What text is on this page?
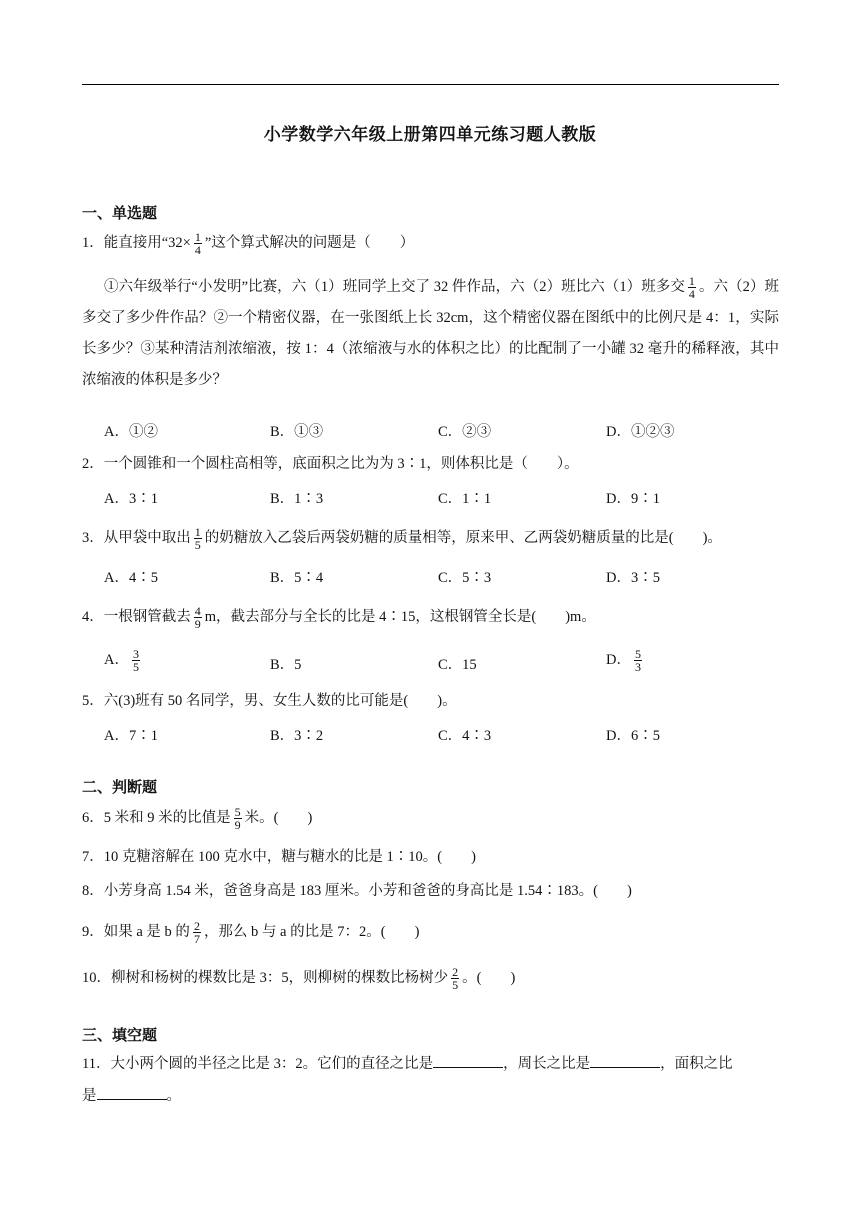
小学数学六年级上册第四单元练习题人教版
一、单选题
1．能直接用“$32\times \frac{1}{4}$ ”这个算式解决的问题是（　　）
①六年级举行“小发明”比赛，六（1）班同学上交了 32 件作品，六（2）班比六（1）班多交 $\frac{1}{4}$ 。六（2）班多交了多少件作品？②一个精密仪器，在一张图纸上长 32cm，这个精密仪器在图纸中的比例尺是 4：1，实际长多少？③某种清洁剂浓缩液，按 1：4（浓缩液与水的体积之比）的比配制了一小罐 32 毫升的稀释液，其中浓缩液的体积是多少？
A．①②	B．①③	C．②③	D．①②③
2．一个圆锥和一个圆柱高相等，底面积之比为为 3∶1，则体积比是（　　）。
A．3∶1	B．1∶3	C．1∶1	D．9∶1
3．从甲袋中取出 $\frac{1}{5}$ 的奶糖放入乙袋后两袋奶糖的质量相等，原来甲、乙两袋奶糖质量的比是(　　)。
A．4∶5	B．5∶4	C．5∶3	D．3∶5
4．一根钢管截去 $\frac{4}{9}$ m，截去部分与全长的比是 4∶15，这根钢管全长是(　　)m。
A． $\frac{3}{5}$	B．5	C．15	D． $\frac{5}{3}$
5．六(3)班有 50 名同学，男、女生人数的比可能是(　　)。
A．7∶1	B．3∶2	C．4∶3	D．6∶5
二、判断题
6．5 米和 9 米的比值是 $\frac{5}{9}$ 米。(　　)
7．10 克糖溶解在 100 克水中，糖与糖水的比是 1∶10。(　　)
8．小芳身高 1.54 米，爸爸身高是 183 厘米。小芳和爸爸的身高比是 1.54∶183。(　　)
9．如果 a 是 b 的 $\frac{2}{7}$ ，那么 b 与 a 的比是 7：2。(　　)
10．柳树和杨树的棵数比是 3：5，则柳树的棵数比杨树少 $\frac{2}{5}$ 。(　　)
三、填空题
11．大小两个圆的半径之比是 3：2。它们的直径之比是	，周长之比是	，面积之比
是	。
